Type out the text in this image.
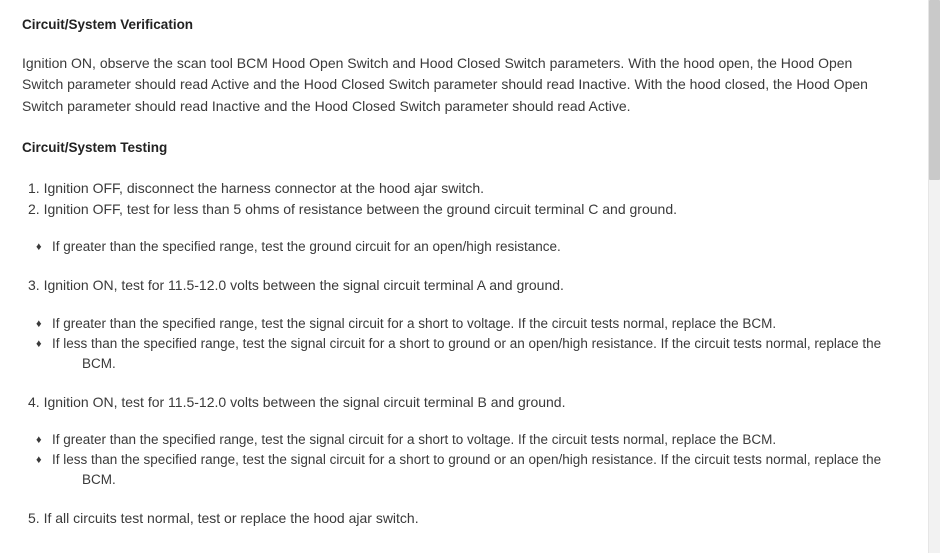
Circuit/System Verification
Ignition ON, observe the scan tool BCM Hood Open Switch and Hood Closed Switch parameters. With the hood open, the Hood Open Switch parameter should read Active and the Hood Closed Switch parameter should read Inactive. With the hood closed, the Hood Open Switch parameter should read Inactive and the Hood Closed Switch parameter should read Active.
Circuit/System Testing
1. Ignition OFF, disconnect the harness connector at the hood ajar switch.
2. Ignition OFF, test for less than 5 ohms of resistance between the ground circuit terminal C and ground.
♦ If greater than the specified range, test the ground circuit for an open/high resistance.
3. Ignition ON, test for 11.5-12.0 volts between the signal circuit terminal A and ground.
♦ If greater than the specified range, test the signal circuit for a short to voltage. If the circuit tests normal, replace the BCM.
♦ If less than the specified range, test the signal circuit for a short to ground or an open/high resistance. If the circuit tests normal, replace the BCM.
4. Ignition ON, test for 11.5-12.0 volts between the signal circuit terminal B and ground.
♦ If greater than the specified range, test the signal circuit for a short to voltage. If the circuit tests normal, replace the BCM.
♦ If less than the specified range, test the signal circuit for a short to ground or an open/high resistance. If the circuit tests normal, replace the BCM.
5. If all circuits test normal, test or replace the hood ajar switch.
